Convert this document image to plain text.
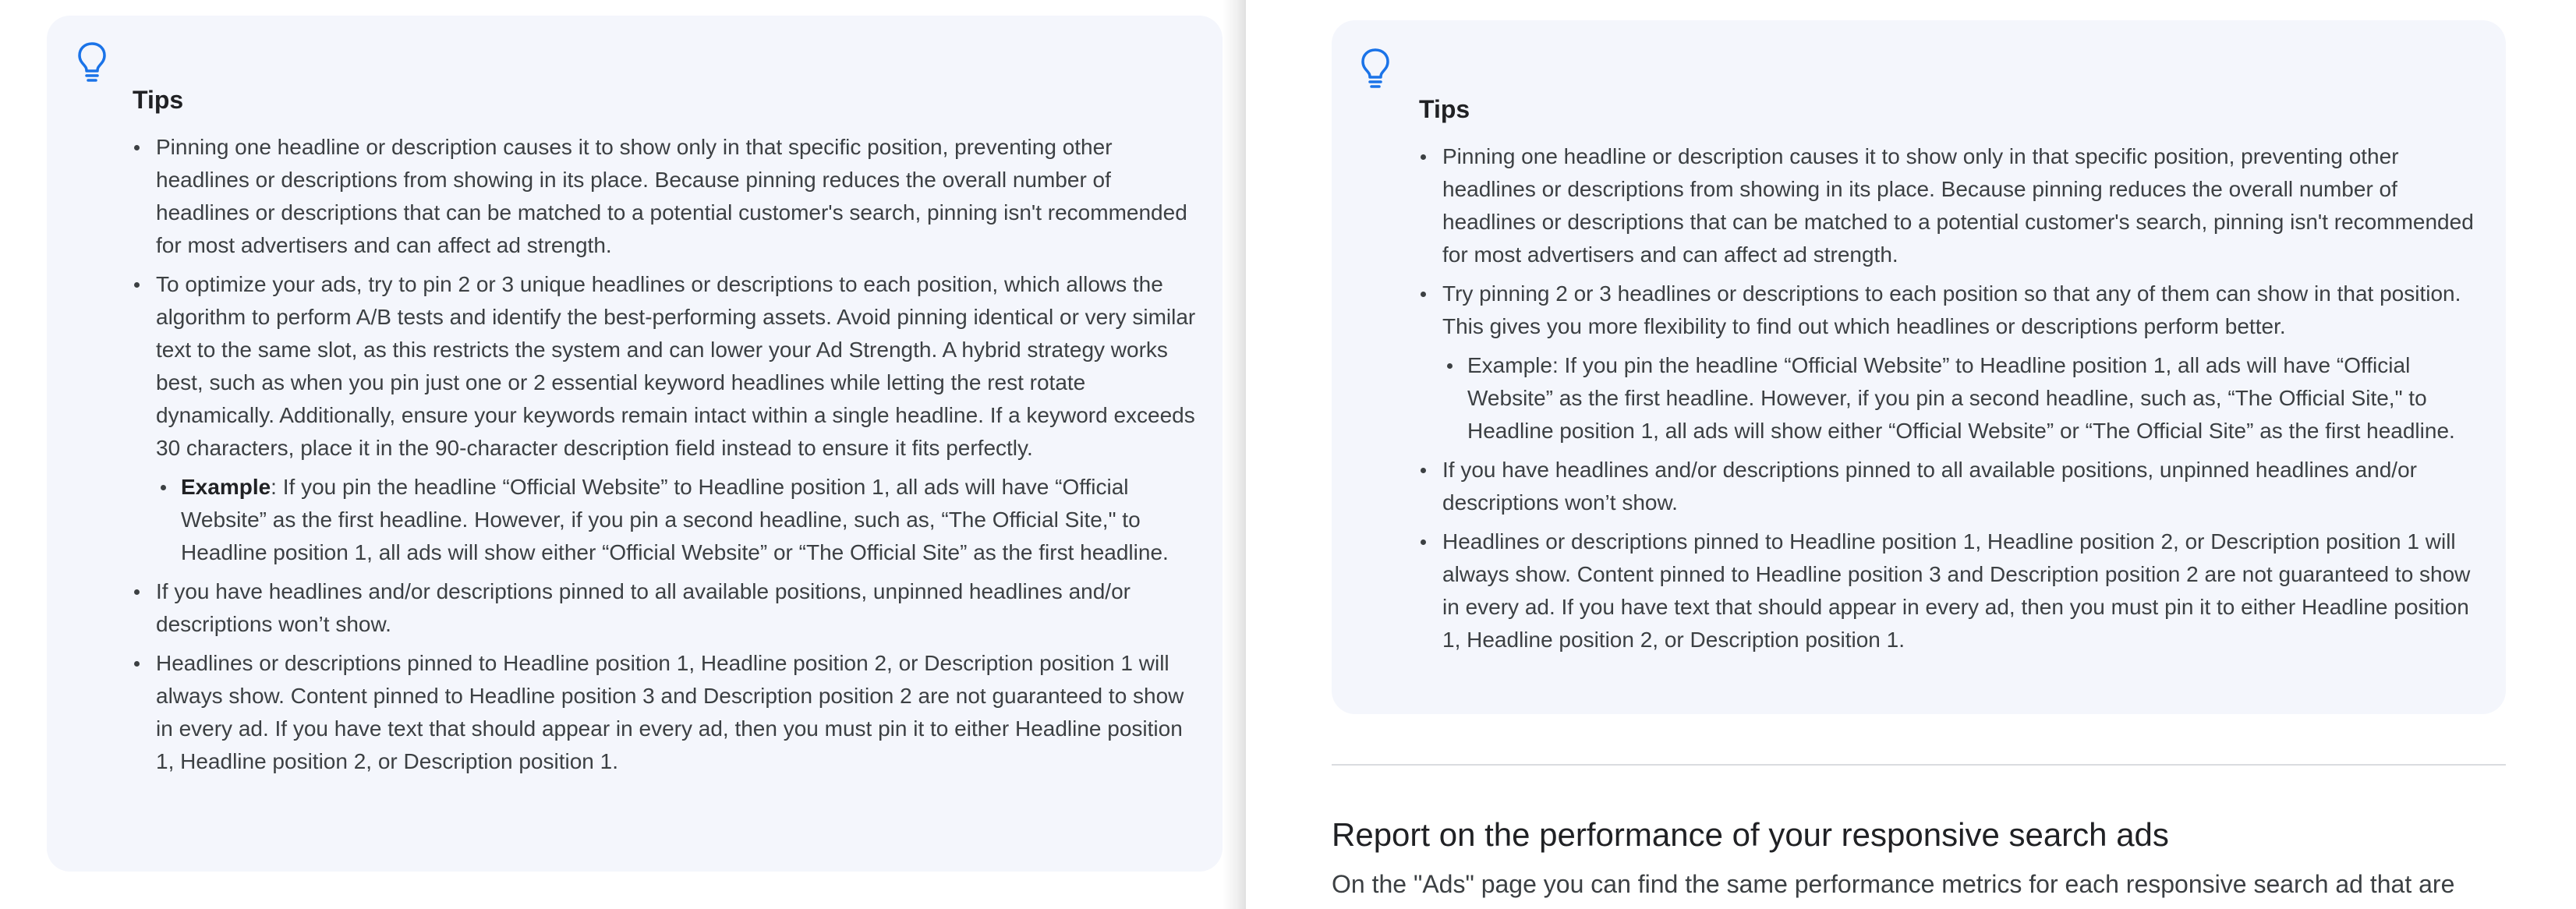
Tips
Pinning one headline or description causes it to show only in that specific position, preventing other headlines or descriptions from showing in its place. Because pinning reduces the overall number of headlines or descriptions that can be matched to a potential customer's search, pinning isn't recommended for most advertisers and can affect ad strength.
To optimize your ads, try to pin 2 or 3 unique headlines or descriptions to each position, which allows the algorithm to perform A/B tests and identify the best-performing assets. Avoid pinning identical or very similar text to the same slot, as this restricts the system and can lower your Ad Strength. A hybrid strategy works best, such as when you pin just one or 2 essential keyword headlines while letting the rest rotate dynamically. Additionally, ensure your keywords remain intact within a single headline. If a keyword exceeds 30 characters, place it in the 90-character description field instead to ensure it fits perfectly.
Example: If you pin the headline “Official Website” to Headline position 1, all ads will have “Official Website” as the first headline. However, if you pin a second headline, such as, “The Official Site," to Headline position 1, all ads will show either “Official Website” or “The Official Site” as the first headline.
If you have headlines and/or descriptions pinned to all available positions, unpinned headlines and/or descriptions won’t show.
Headlines or descriptions pinned to Headline position 1, Headline position 2, or Description position 1 will always show. Content pinned to Headline position 3 and Description position 2 are not guaranteed to show in every ad. If you have text that should appear in every ad, then you must pin it to either Headline position 1, Headline position 2, or Description position 1.
Tips
Pinning one headline or description causes it to show only in that specific position, preventing other headlines or descriptions from showing in its place. Because pinning reduces the overall number of headlines or descriptions that can be matched to a potential customer's search, pinning isn't recommended for most advertisers and can affect ad strength.
Try pinning 2 or 3 headlines or descriptions to each position so that any of them can show in that position. This gives you more flexibility to find out which headlines or descriptions perform better.
Example: If you pin the headline “Official Website” to Headline position 1, all ads will have “Official Website” as the first headline. However, if you pin a second headline, such as, “The Official Site," to Headline position 1, all ads will show either “Official Website” or “The Official Site” as the first headline.
If you have headlines and/or descriptions pinned to all available positions, unpinned headlines and/or descriptions won’t show.
Headlines or descriptions pinned to Headline position 1, Headline position 2, or Description position 1 will always show. Content pinned to Headline position 3 and Description position 2 are not guaranteed to show in every ad. If you have text that should appear in every ad, then you must pin it to either Headline position 1, Headline position 2, or Description position 1.
Report on the performance of your responsive search ads
On the "Ads" page you can find the same performance metrics for each responsive search ad that are
